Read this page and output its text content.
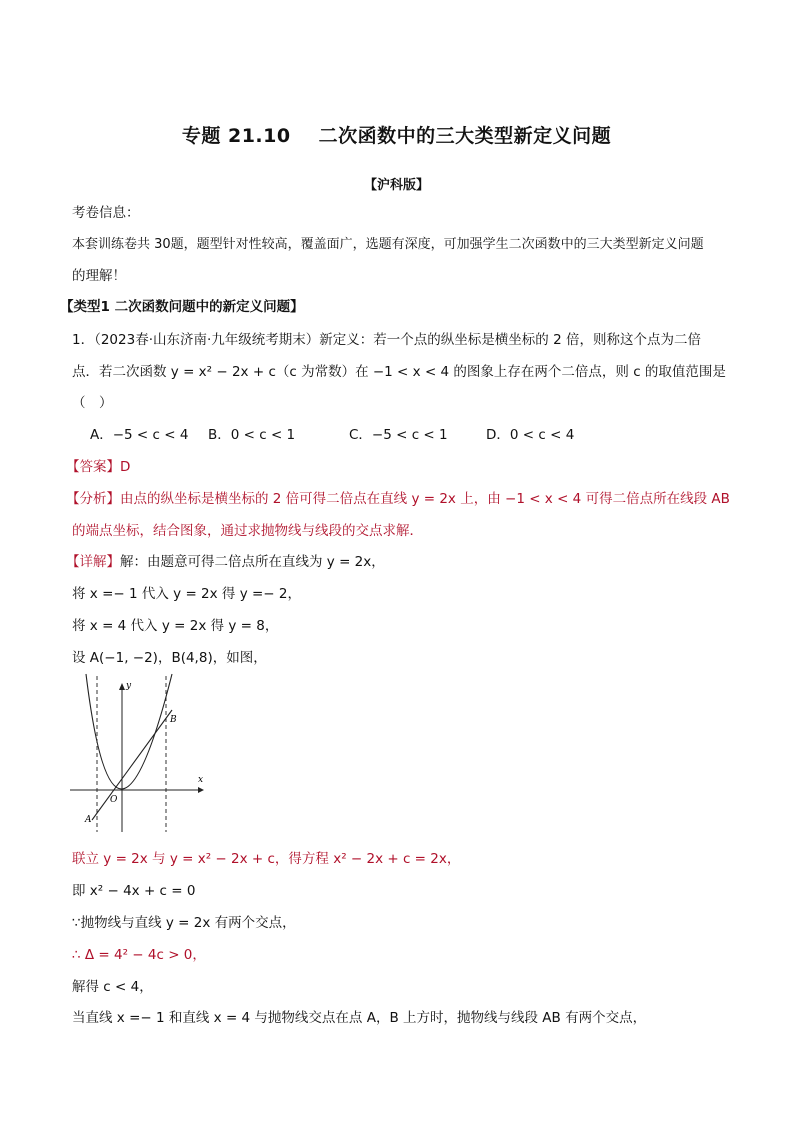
专题 21.10 二次函数中的三大类型新定义问题
【沪科版】
考卷信息：
本套训练卷共 30题，题型针对性较高，覆盖面广，选题有深度，可加强学生二次函数中的三大类型新定义问题
的理解！
【类型1 二次函数问题中的新定义问题】
1．（2023春·山东济南·九年级统考期末）新定义：若一个点的纵坐标是横坐标的 2 倍，则称这个点为二倍
点．若二次函数 y = x² − 2x + c（c 为常数）在 −1 < x < 4 的图象上存在两个二倍点，则 c 的取值范围是
（　）
A．−5 < c < 4 B．0 < c < 1	C．−5 < c < 1	D．0 < c < 4
【答案】D
【分析】由点的纵坐标是横坐标的 2 倍可得二倍点在直线 y = 2x 上，由 −1 < x < 4 可得二倍点所在线段 AB
的端点坐标，结合图象，通过求抛物线与线段的交点求解．
【详解】解：由题意可得二倍点所在直线为 y = 2x，
将 x =− 1 代入 y = 2x 得 y =− 2，
将 x = 4 代入 y = 2x 得 y = 8，
设 A(−1, −2)，B(4,8)，如图，
y
x
O
A
B
联立 y = 2x 与 y = x² − 2x + c，得方程 x² − 2x + c = 2x，
即 x² − 4x + c = 0
∵抛物线与直线 y = 2x 有两个交点，
∴ Δ = 4² − 4c > 0，
解得 c < 4，
当直线 x =− 1 和直线 x = 4 与抛物线交点在点 A，B 上方时，抛物线与线段 AB 有两个交点，
